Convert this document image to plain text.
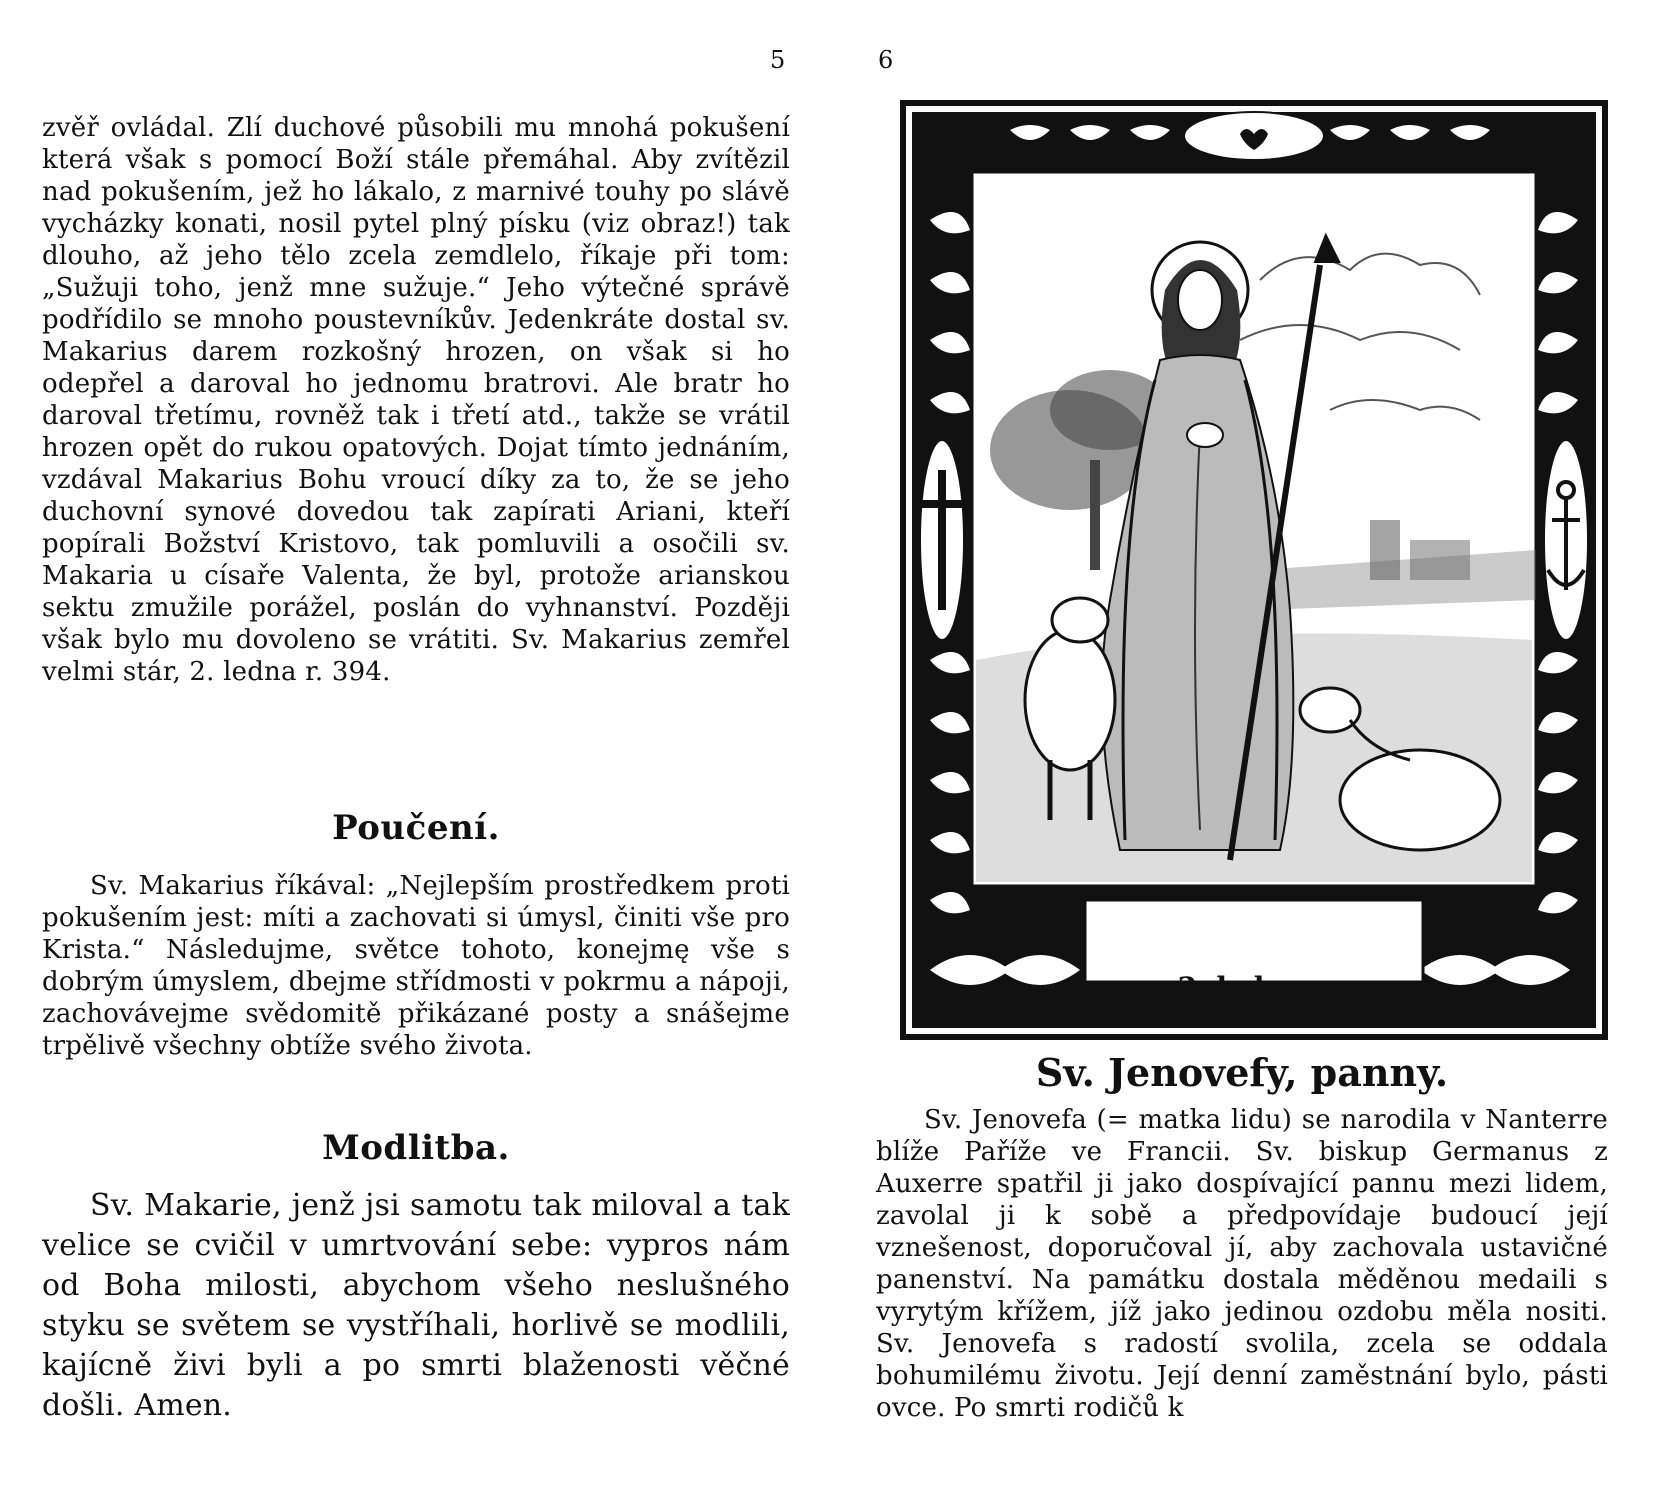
5

zvěř ovládal. Zlí duchové působili mu mnohá pokušení která však s pomocí Boží stále přemáhal. Aby zvítězil nad pokušením, jež ho lákalo, z marnivé touhy po slávě vycházky konati, nosil pytel plný písku (viz obraz!) tak dlouho, až jeho tělo zcela zemdlelo, říkaje při tom: „Sužuji toho, jenž mne sužuje.“ Jeho výtečné správě podřídilo se mnoho poustevníkův. Jedenkráte dostal sv. Makarius darem rozkošný hrozen, on však si ho odepřel a daroval ho jednomu bratrovi. Ale bratr ho daroval třetímu, rovněž tak i třetí atd., takže se vrátil hrozen opět do rukou opatových. Dojat tímto jednáním, vzdával Makarius Bohu vroucí díky za to, že se jeho duchovní synové dovedou tak zapírati Ariani, kteří popírali Božství Kristovo, tak pomluvili a osočili sv. Makaria u císaře Valenta, že byl, protože arianskou sektu zmužile porážel, poslán do vyhnanství. Později však bylo mu dovoleno se vrátiti. Sv. Makarius zemřel velmi stár, 2. ledna r. 394.

Poučení.

Sv. Makarius říkával: „Nejlepším prostředkem proti pokušením jest: míti a zachovati si úmysl, činiti vše pro Krista.“ Následujme, světce tohoto, konejmę vše s dobrým úmyslem, dbejme střídmosti v pokrmu a nápoji, zachovávejme svědomitě přikázané posty a snášejme trpělivě všechny obtíže svého života.

Modlitba.

Sv. Makarie, jenž jsi samotu tak miloval a tak velice se cvičil v umrtvování sebe: vypros nám od Boha milosti, abychom všeho neslušného styku se světem se vystříhali, horlivě se modlili, kajícně živi byli a po smrti blaženosti věčné došli. Amen.

6
3. ledna.
Sv. Jenovefy, panny.

Sv. Jenovefa (= matka lidu) se narodila v Nanterre blíže Paříže ve Francii. Sv. biskup Germanus z Auxerre spatřil ji jako dospívající pannu mezi lidem, zavolal ji k sobě a předpovídaje budoucí její vznešenost, doporučoval jí, aby zachovala ustavičné panenství. Na památku dostala měděnou medaili s vyrytým křížem, jíž jako jedinou ozdobu měla nositi. Sv. Jenovefa s radostí svolila, zcela se oddala bohumilému životu. Její denní zaměstnání bylo, pásti ovce. Po smrti rodičů k
